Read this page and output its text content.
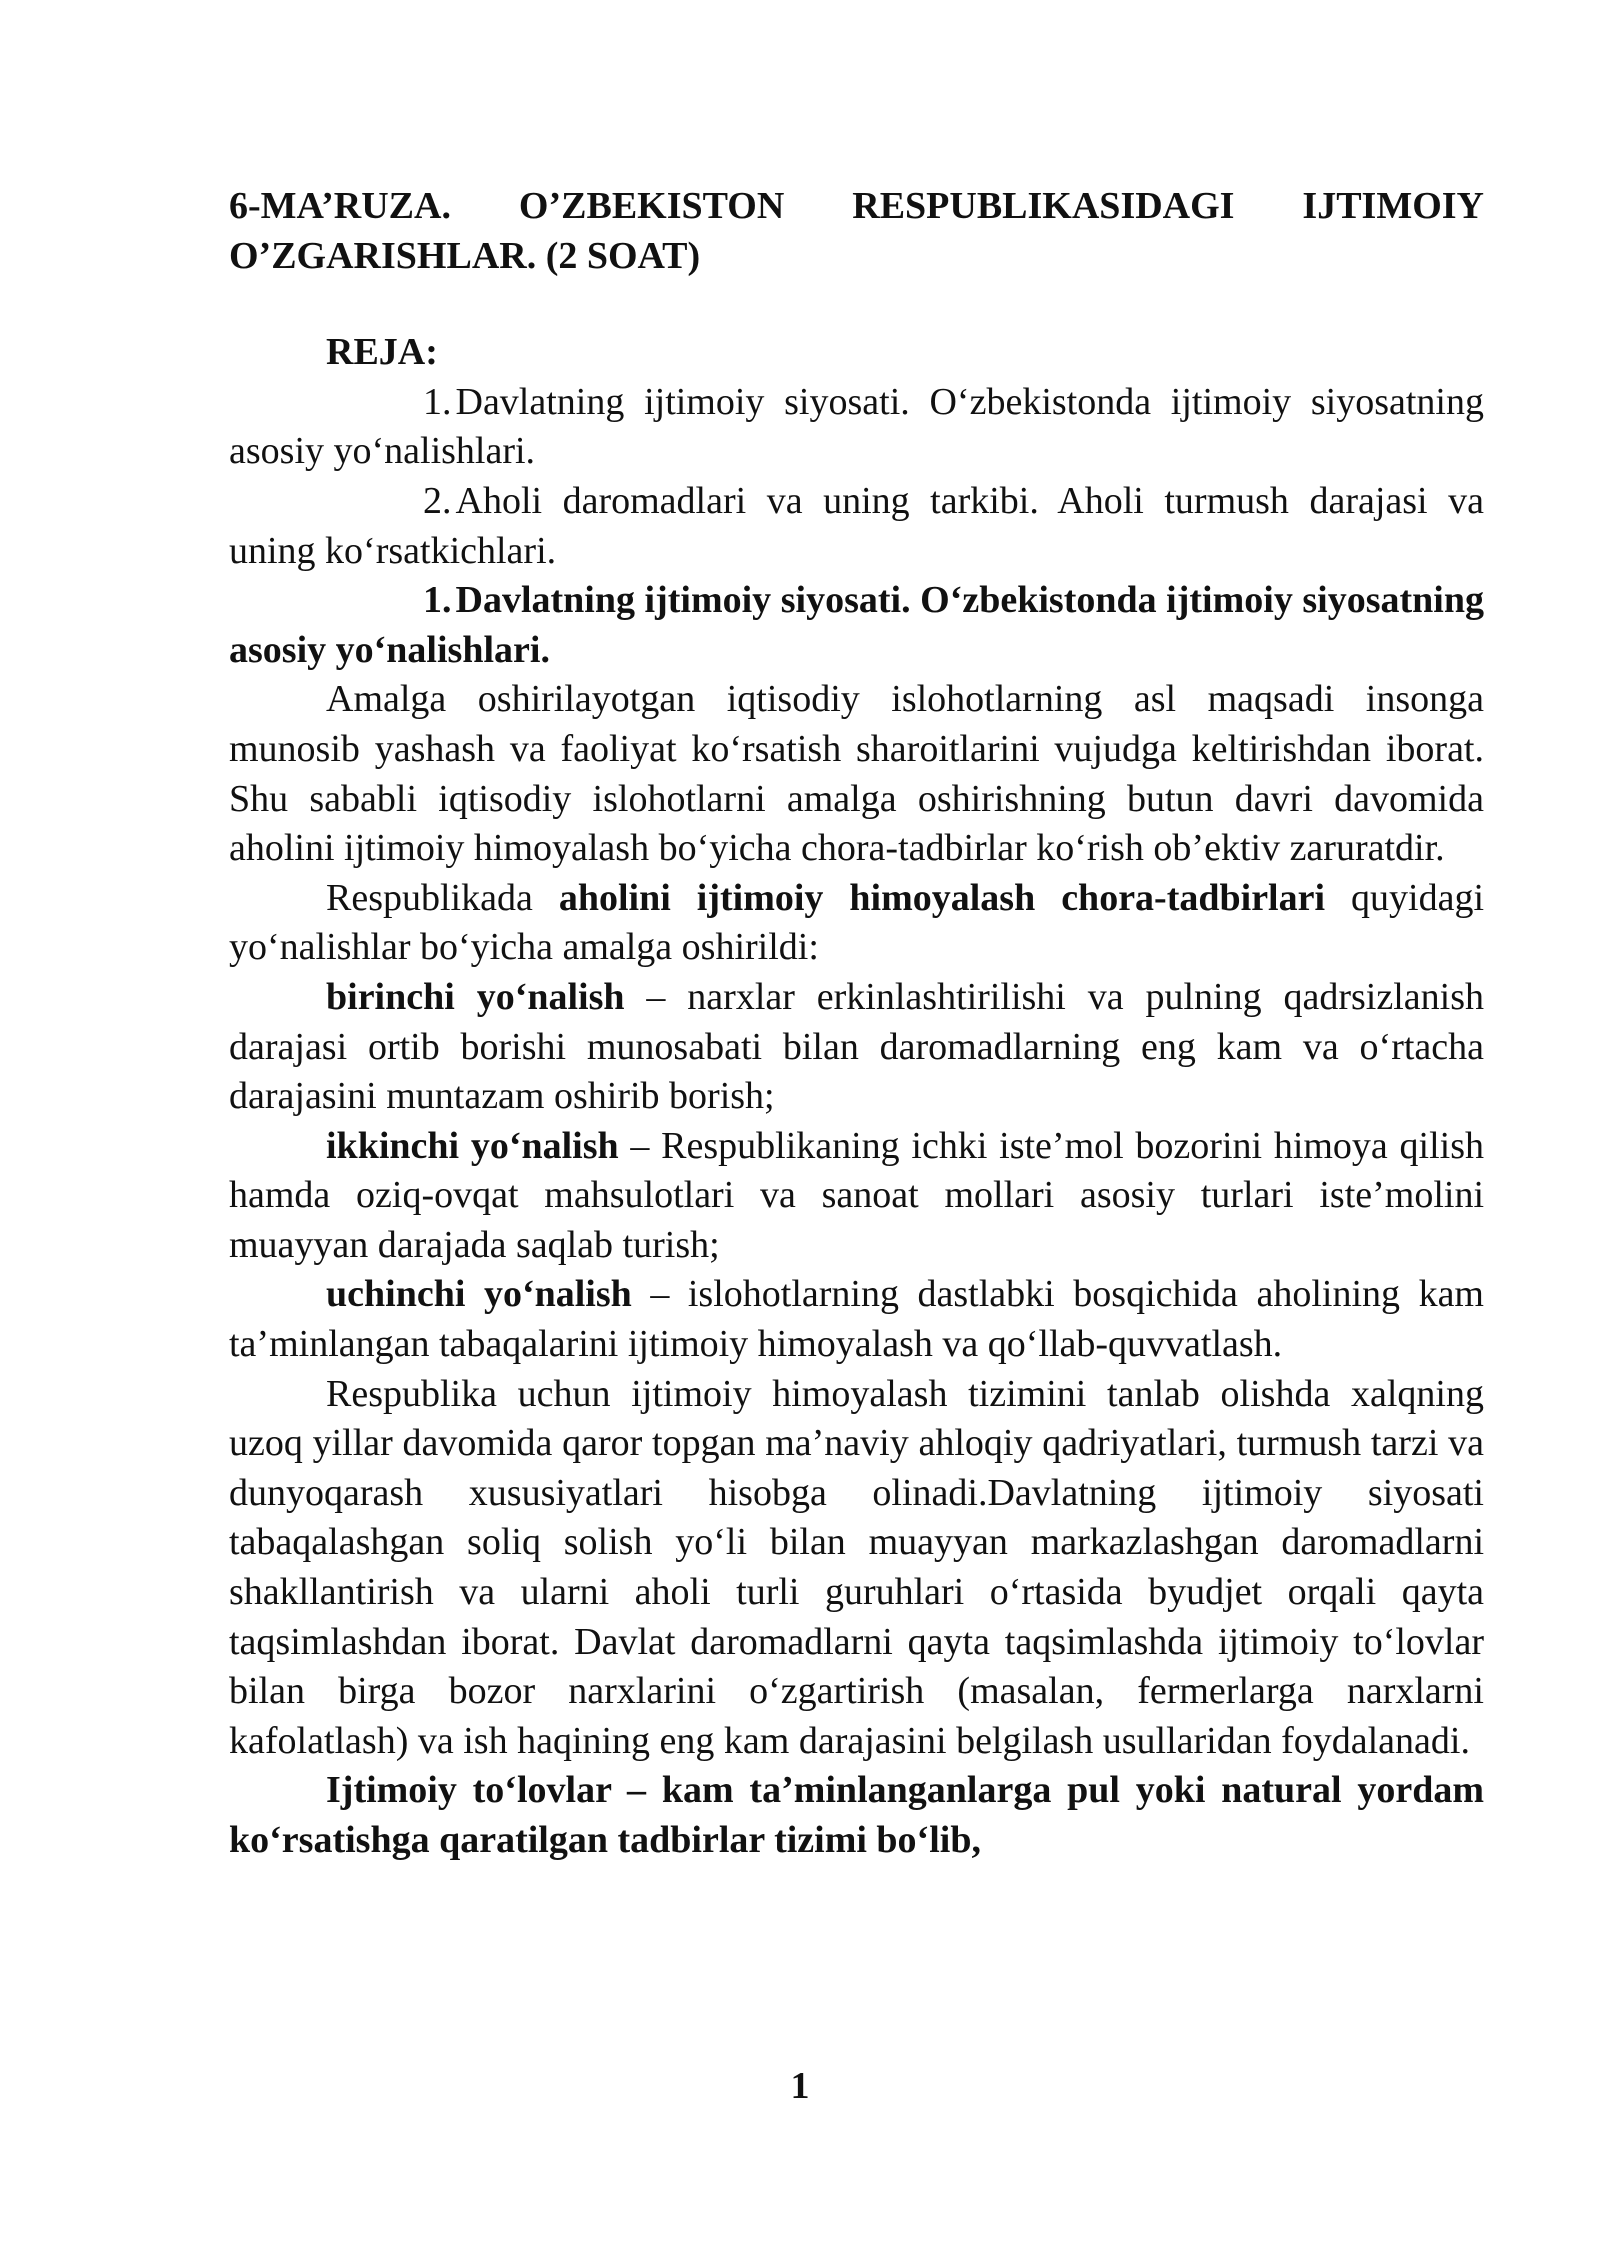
6-MA’RUZA. O’ZBEKISTON RESPUBLIKASIDAGI IJTIMOIY O’ZGARISHLAR. (2 SOAT)

REJA:

1. Davlatning ijtimoiy siyosati. O‘zbekistonda ijtimoiy siyosatning asosiy yo‘nalishlari.

2. Aholi daromadlari va uning tarkibi. Aholi turmush darajasi va uning ko‘rsatkichlari.

1. Davlatning ijtimoiy siyosati. O‘zbekistonda ijtimoiy siyosatning asosiy yo‘nalishlari.

Amalga oshirilayotgan iqtisodiy islohotlarning asl maqsadi insonga munosib yashash va faoliyat ko‘rsatish sharoitlarini vujudga keltirishdan iborat. Shu sababli iqtisodiy islohotlarni amalga oshirishning butun davri davomida aholini ijtimoiy himoyalash bo‘yicha chora-tadbirlar ko‘rish ob’ektiv zaruratdir.

Respublikada aholini ijtimoiy himoyalash chora-tadbirlari quyidagi yo‘nalishlar bo‘yicha amalga oshirildi:

birinchi yo‘nalish – narxlar erkinlashtirilishi va pulning qadrsizlanish darajasi ortib borishi munosabati bilan daromadlarning eng kam va o‘rtacha darajasini muntazam oshirib borish;

ikkinchi yo‘nalish – Respublikaning ichki iste’mol bozorini himoya qilish hamda oziq-ovqat mahsulotlari va sanoat mollari asosiy turlari iste’molini muayyan darajada saqlab turish;

uchinchi yo‘nalish – islohotlarning dastlabki bosqichida aholining kam ta’minlangan tabaqalarini ijtimoiy himoyalash va qo‘llab-quvvatlash.

Respublika uchun ijtimoiy himoyalash tizimini tanlab olishda xalqning uzoq yillar davomida qaror topgan ma’naviy ahloqiy qadriyatlari, turmush tarzi va dunyoqarash xususiyatlari hisobga olinadi.Davlatning ijtimoiy siyosati tabaqalashgan soliq solish yo‘li bilan muayyan markazlashgan daromadlarni shakllantirish va ularni aholi turli guruhlari o‘rtasida byudjet orqali qayta taqsimlashdan iborat. Davlat daromadlarni qayta taqsimlashda ijtimoiy to‘lovlar bilan birga bozor narxlarini o‘zgartirish (masalan, fermerlarga narxlarni kafolatlash) va ish haqining eng kam darajasini belgilash usullaridan foydalanadi.

Ijtimoiy to‘lovlar – kam ta’minlanganlarga pul yoki natural yordam ko‘rsatishga qaratilgan tadbirlar tizimi bo‘lib,

1
